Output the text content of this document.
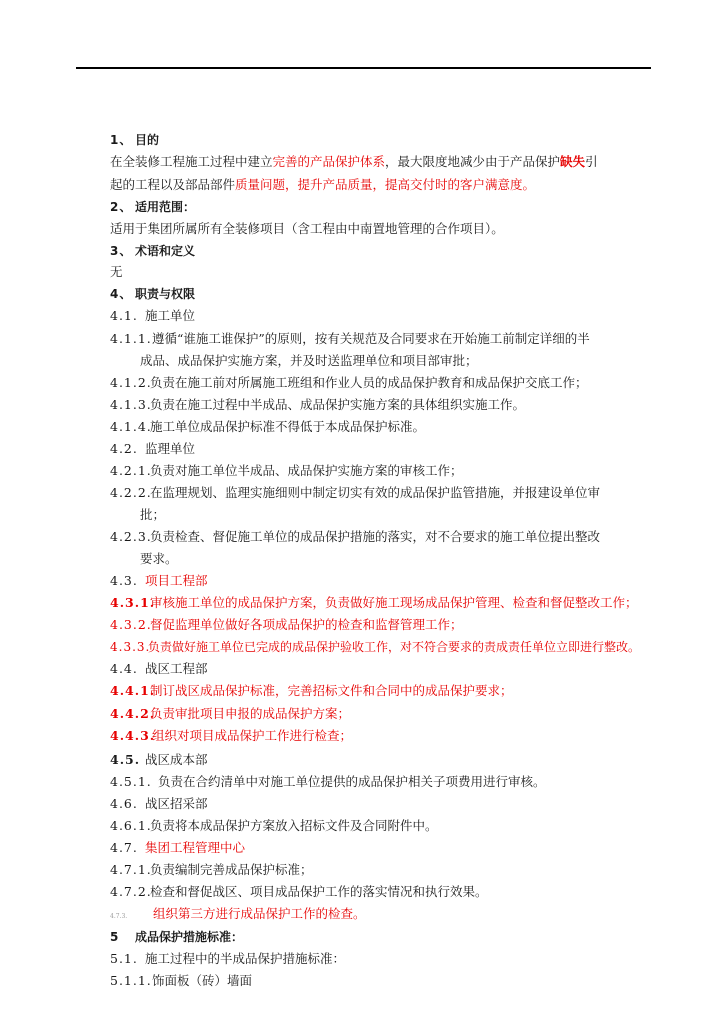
1、 目的
在全装修工程施工过程中建立完善的产品保护体系，最大限度地减少由于产品保护缺失引
起的工程以及部品部件质量问题，提升产品质量，提高交付时的客户满意度。
2、 适用范围：
适用于集团所属所有全装修项目（含工程由中南置地管理的合作项目）。
3、 术语和定义
无
4、 职责与权限
4.1. 施工单位
4.1.1.遵循“谁施工谁保护”的原则，按有关规范及合同要求在开始施工前制定详细的半
成品、成品保护实施方案，并及时送监理单位和项目部审批；
4.1.2.负责在施工前对所属施工班组和作业人员的成品保护教育和成品保护交底工作；
4.1.3.负责在施工过程中半成品、成品保护实施方案的具体组织实施工作。
4.1.4.施工单位成品保护标准不得低于本成品保护标准。
4.2. 监理单位
4.2.1.负责对施工单位半成品、成品保护实施方案的审核工作；
4.2.2.在监理规划、监理实施细则中制定切实有效的成品保护监管措施，并报建设单位审
批；
4.2.3.负责检查、督促施工单位的成品保护措施的落实，对不合要求的施工单位提出整改
要求。
4.3. 项目工程部
4.3.1.审核施工单位的成品保护方案，负责做好施工现场成品保护管理、检查和督促整改工作；
4.3.2.督促监理单位做好各项成品保护的检查和监督管理工作；
4.3.3.负责做好施工单位已完成的成品保护验收工作，对不符合要求的责成责任单位立即进行整改。
4.4. 战区工程部
4.4.1.制订战区成品保护标准，完善招标文件和合同中的成品保护要求；
4.4.2.负责审批项目申报的成品保护方案；
4.4.3.组织对项目成品保护工作进行检查；
4.5. 战区成本部
4.5.1. 负责在合约清单中对施工单位提供的成品保护相关子项费用进行审核。
4.6. 战区招采部
4.6.1.负责将本成品保护方案放入招标文件及合同附件中。
4.7. 集团工程管理中心
4.7.1.负责编制完善成品保护标准；
4.7.2.检查和督促战区、项目成品保护工作的落实情况和执行效果。
4.7.3. 组织第三方进行成品保护工作的检查。
5 成品保护措施标准：
5.1. 施工过程中的半成品保护措施标准：
5.1.1.饰面板（砖）墙面
